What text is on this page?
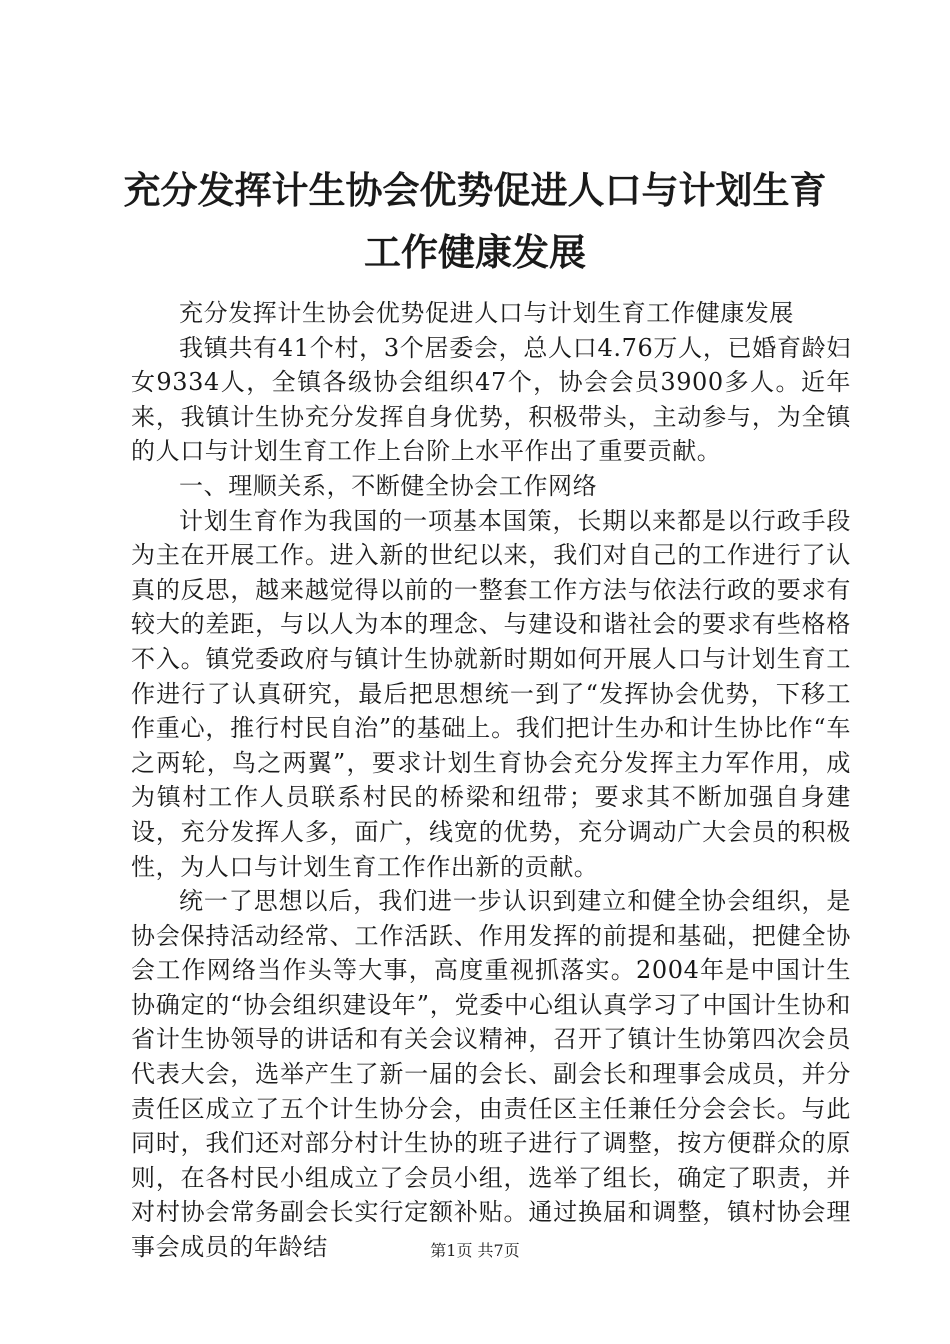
充分发挥计生协会优势促进人口与计划生育工作健康发展

充分发挥计生协会优势促进人口与计划生育工作健康发展

我镇共有41个村，3个居委会，总人口4.76万人，已婚育龄妇女9334人，全镇各级协会组织47个，协会会员3900多人。近年来，我镇计生协充分发挥自身优势，积极带头，主动参与，为全镇的人口与计划生育工作上台阶上水平作出了重要贡献。

一、理顺关系，不断健全协会工作网络

计划生育作为我国的一项基本国策，长期以来都是以行政手段为主在开展工作。进入新的世纪以来，我们对自己的工作进行了认真的反思，越来越觉得以前的一整套工作方法与依法行政的要求有较大的差距，与以人为本的理念、与建设和谐社会的要求有些格格不入。镇党委政府与镇计生协就新时期如何开展人口与计划生育工作进行了认真研究，最后把思想统一到了“发挥协会优势，下移工作重心，推行村民自治”的基础上。我们把计生办和计生协比作“车之两轮，鸟之两翼”，要求计划生育协会充分发挥主力军作用，成为镇村工作人员联系村民的桥梁和纽带；要求其不断加强自身建设，充分发挥人多，面广，线宽的优势，充分调动广大会员的积极性，为人口与计划生育工作作出新的贡献。

统一了思想以后，我们进一步认识到建立和健全协会组织，是协会保持活动经常、工作活跃、作用发挥的前提和基础，把健全协会工作网络当作头等大事，高度重视抓落实。2004年是中国计生协确定的“协会组织建设年”，党委中心组认真学习了中国计生协和省计生协领导的讲话和有关会议精神，召开了镇计生协第四次会员代表大会，选举产生了新一届的会长、副会长和理事会成员，并分责任区成立了五个计生协分会，由责任区主任兼任分会会长。与此同时，我们还对部分村计生协的班子进行了调整，按方便群众的原则，在各村民小组成立了会员小组，选举了组长，确定了职责，并对村协会常务副会长实行定额补贴。通过换届和调整，镇村协会理事会成员的年龄结	第1页 共7页
